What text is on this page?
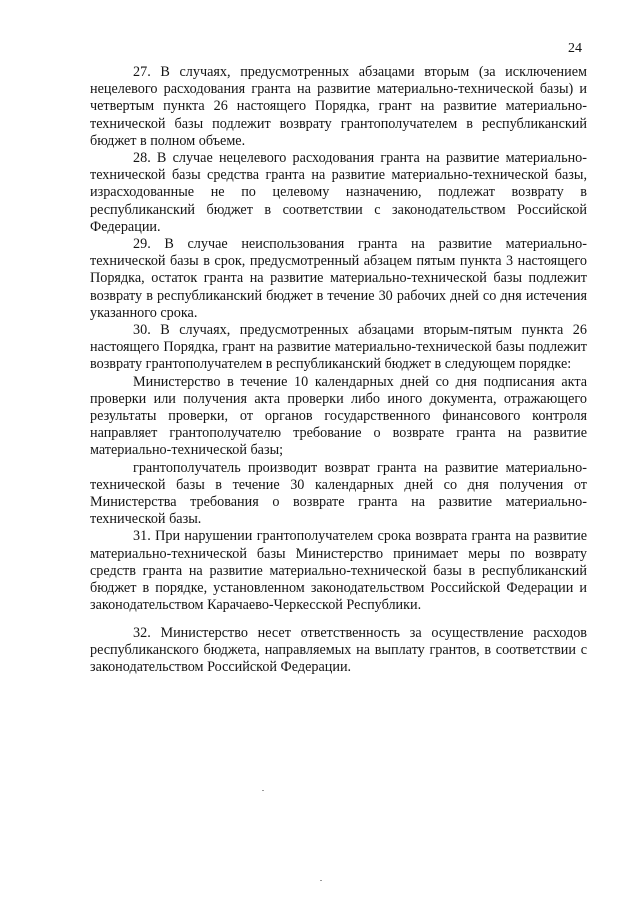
24

27. В случаях, предусмотренных абзацами вторым (за исключением нецелевого расходования гранта на развитие материально-технической базы) и четвертым пункта 26 настоящего Порядка, грант на развитие материально-технической базы подлежит возврату грантополучателем в республиканский бюджет в полном объеме.

28. В случае нецелевого расходования гранта на развитие материально-технической базы средства гранта на развитие материально-технической базы, израсходованные не по целевому назначению, подлежат возврату в республиканский бюджет в соответствии с законодательством Российской Федерации.

29. В случае неиспользования гранта на развитие материально-технической базы в срок, предусмотренный абзацем пятым пункта 3 настоящего Порядка, остаток гранта на развитие материально-технической базы подлежит возврату в республиканский бюджет в течение 30 рабочих дней со дня истечения указанного срока.

30. В случаях, предусмотренных абзацами вторым-пятым пункта 26 настоящего Порядка, грант на развитие материально-технической базы подлежит возврату грантополучателем в республиканский бюджет в следующем порядке:

Министерство в течение 10 календарных дней со дня подписания акта проверки или получения акта проверки либо иного документа, отражающего результаты проверки, от органов государственного финансового контроля направляет грантополучателю требование о возврате гранта на развитие материально-технической базы;

грантополучатель производит возврат гранта на развитие материально-технической базы в течение 30 календарных дней со дня получения от Министерства требования о возврате гранта на развитие материально-технической базы.

31. При нарушении грантополучателем срока возврата гранта на развитие материально-технической базы Министерство принимает меры по возврату средств гранта на развитие материально-технической базы в республиканский бюджет в порядке, установленном законодательством Российской Федерации и законодательством Карачаево-Черкесской Республики.

32. Министерство несет ответственность за осуществление расходов республиканского бюджета, направляемых на выплату грантов, в соответствии с законодательством Российской Федерации.
